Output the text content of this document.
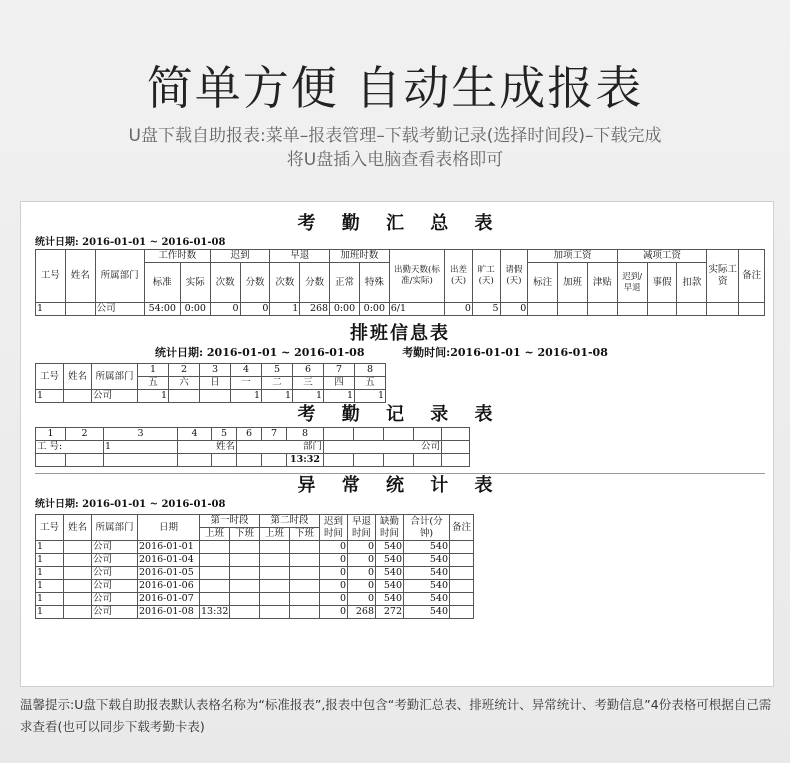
简单方便 自动生成报表
U盘下载自助报表:菜单–报表管理–下载考勤记录(选择时间段)–下载完成
将U盘插入电脑查看表格即可
考 勤 汇 总 表
统计日期: 2016-01-01 ~ 2016-01-08
工号	姓名	所属部门	工作时数		迟到		早退		加班时数		出勤天数(标准/实际)	出差(天)	旷工(天)	请假(天)	加项工资			减项工资			实际工资	备注
			标准	实际	次数	分数	次数	分数	正常	特殊					标注	加班	津贴	迟到/早退	事假	扣款		
1		公司	54:00	0:00	0	0	1	268	0:00	0:00	6/1	0	5	0								
排班信息表
统计日期: 2016-01-01 ~ 2016-01-08	考勤时间:2016-01-01 ~ 2016-01-08
工号	姓名	所属部门	1	2	3	4	5	6	7	8
			五	六	日	一	二	三	四	五
1		公司	1			1	1	1	1	1
考 勤 记 录 表
1	2	3	4	5	6	7	8					
工 号:		1	姓名		部门			公司				
							13:32					
异 常 统 计 表
统计日期: 2016-01-01 ~ 2016-01-08
工号	姓名	所属部门	日期	第一时段		第二时段		迟到时间	早退时间	缺勤时间	合计(分钟)	备注
				上班	下班	上班	下班					
1		公司	2016-01-01					0	0	540	540	
1		公司	2016-01-04					0	0	540	540	
1		公司	2016-01-05					0	0	540	540	
1		公司	2016-01-06					0	0	540	540	
1		公司	2016-01-07					0	0	540	540	
1		公司	2016-01-08	13:32				0	268	272	540	
温馨提示:U盘下载自助报表默认表格名称为“标准报表”,报表中包含“考勤汇总表、排班统计、异常统计、考勤信息”4份表格可根据自己需求查看(也可以同步下载考勤卡表)
